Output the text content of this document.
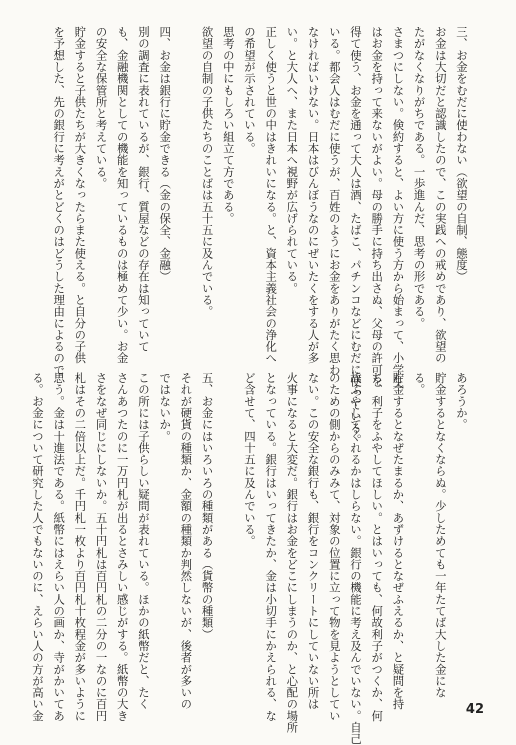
三、お金をむだに使わない（欲望の自制、態度）

お金は大切だと認識したので、この実践への戒めであり、欲望の

たがなくなりがちである。一歩進んだ、思考の形である。

さまつにしない。倹約すると、よい方に使う方から始まって、小学生

はお金を持って来ないがよい。母の勝手に持ち出さぬ、父母の許可を

得て使う、お金を通って大人は酒、たばこ、パチンコなどにむだに使っている。

いる。都会人はむだに使うが、百姓のようにお金をありがたく思わ

なければいけない。日本はびんぼうなのにぜいたくをする人が多

い。と大人へ、また日本へ視野が広げられている。

正しく使うと世の中はきれいになる。と、資本主義社会の浄化へ

の希望が示されている。

思考の中にもしろい組立て方である。

欲望の自制の子供たちのことばは五十五に及んでいる。

四、お金は銀行に貯金できる（金の保全、金融）

別の調査に表れているが、銀行、質屋などの存在は知っていて

も、金融機関としての機能を知っているものは極めて少い。お金

の安全な保管所と考えている。

貯金すると子供たちが大きくなったらまた使える。と自分の子供

を予想した、先の銀行に考えがとどくのはどうした理由によるので

あろうか。

貯金するとなくならぬ。少しためても一年たてば大した金にな

る。

貯金するとなぜたまるか、あずけるとなぜふえるか、と疑問を持

ち、利子をふやしてほしい。とはいっても、何故利子がつくか、何

故ふやしてくれるかはしらない。銀行の機能に考え及んでいない。自己

のための側からのみみて、対象の位置に立って物を見ようとしてい

ない。この安全な銀行も、銀行をコンクリートにしていない所は

火事になると大変だ。銀行はお金をどこにしまうのか、と心配の場所

となっている。銀行はいってきたか、金は小切手にかえられる、な

ど含せて、四十五に及んでいる。

五、お金にはいろいろの種類がある（貨幣の種類）

それが硬貨の種類か、金額の種類か判然しないが、後者が多いの

ではないか。

この所には子供らしい疑問が表れている。ほかの紙幣だと、たく

さんあつたのに一万円札が出るとさみしい感じがする。紙幣の大き

さをなぜ同じにしないか。五十円札は百円札の二分の一なのに百円

札はその二倍以上だ。千円札一枚より百円札十枚程金が多いように

思う。金は十進法である。紙幣にはえらい人の画か、寺がかいてあ

る。お金について研究した人でもないのに、えらい人の方が高い金	42
